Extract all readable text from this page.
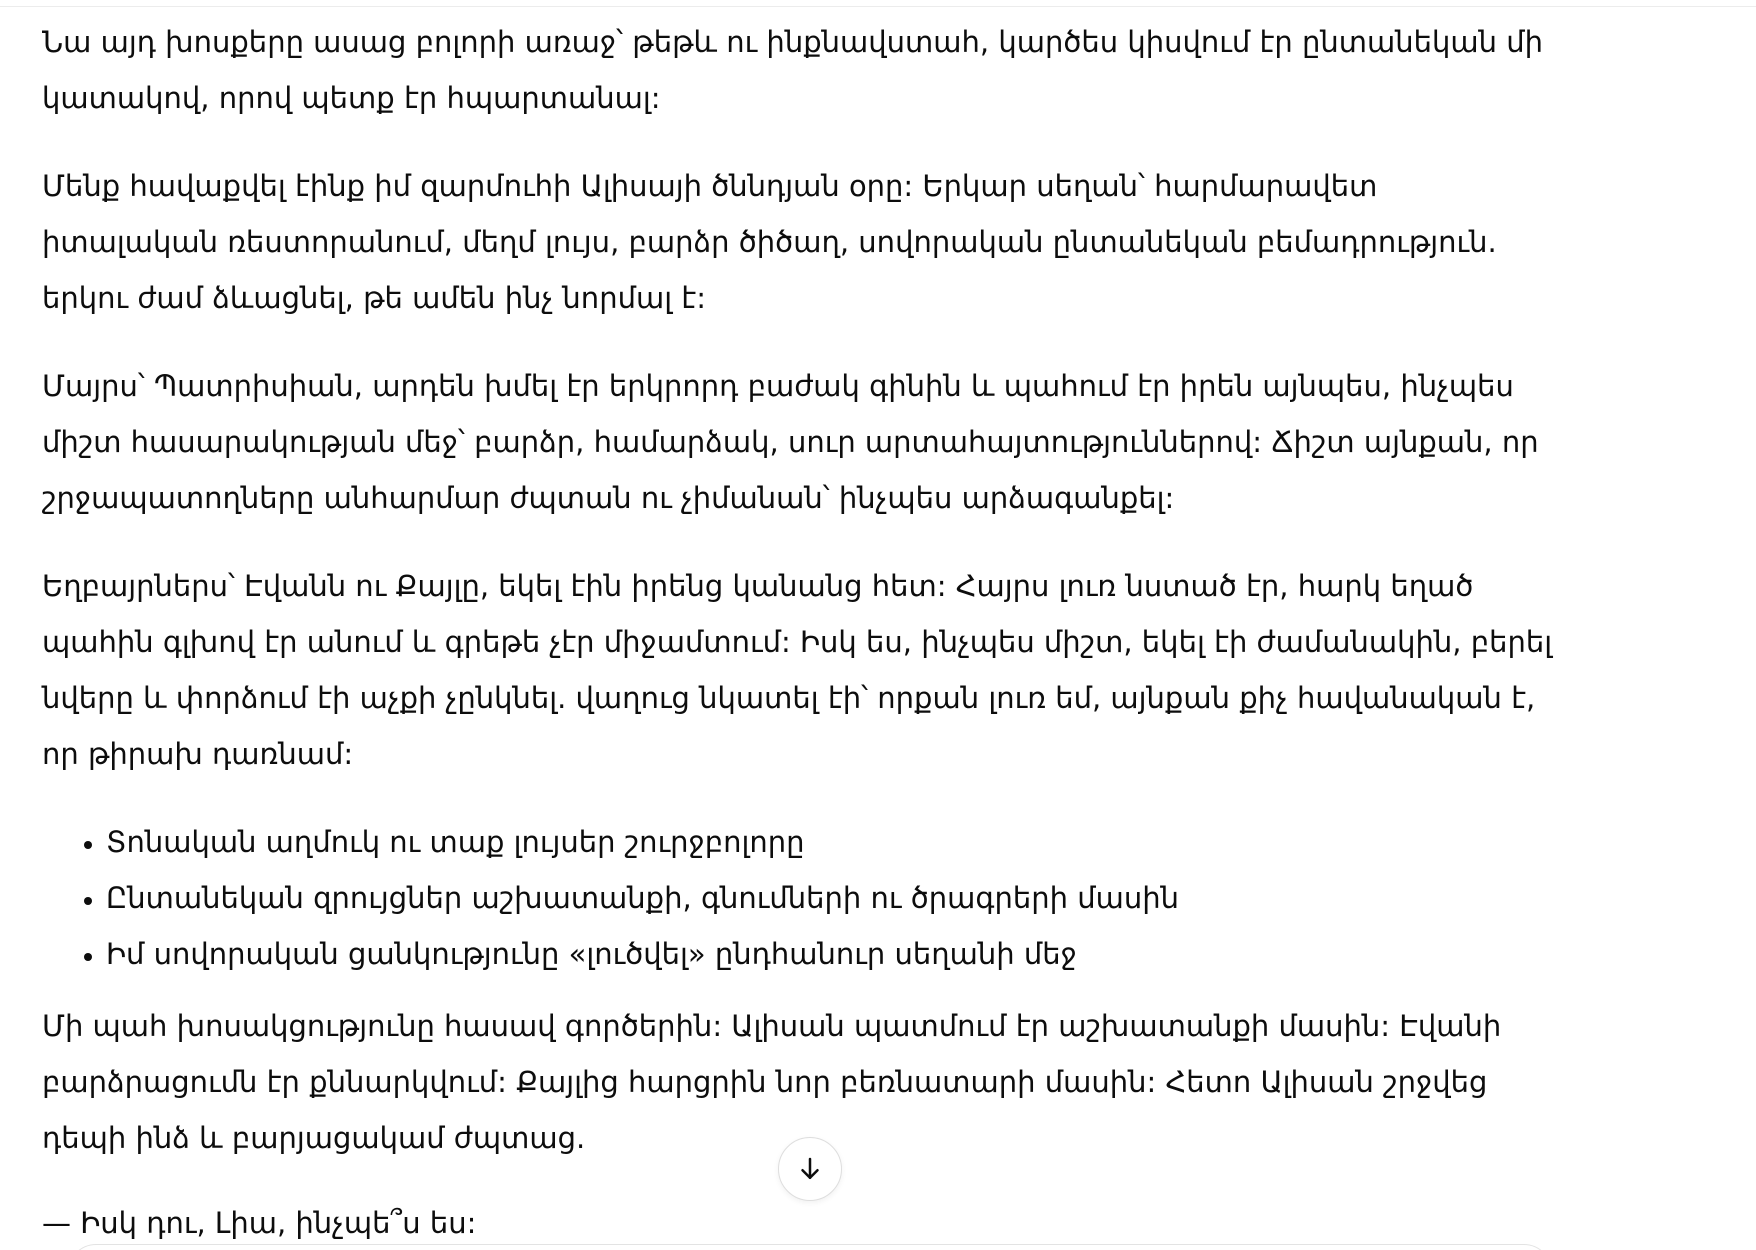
Նա այդ խոսքերը ասաց բոլորի առաջ՝ թեթև ու ինքնավստահ, կարծես կիսվում էր ընտանեկան մի կատակով, որով պետք էր հպարտանալ:

Մենք հավաքվել էինք իմ զարմուհի Ալիսայի ծննդյան օրը: Երկար սեղան՝ հարմարավետ իտալական ռեստորանում, մեղմ լույս, բարձր ծիծաղ, սովորական ընտանեկան բեմադրություն. երկու ժամ ձևացնել, թե ամեն ինչ նորմալ է:

Մայրս՝ Պատրիսիան, արդեն խմել էր երկրորդ բաժակ գինին և պահում էր իրեն այնպես, ինչպես միշտ հասարակության մեջ՝ բարձր, համարձակ, սուր արտահայտություններով: Ճիշտ այնքան, որ շրջապատողները անհարմար ժպտան ու չիմանան՝ ինչպես արձագանքել:

Եղբայրներս՝ Էվանն ու Քայլը, եկել էին իրենց կանանց հետ: Հայրս լուռ նստած էր, հարկ եղած պահին գլխով էր անում և գրեթե չէր միջամտում: Իսկ ես, ինչպես միշտ, եկել էի ժամանակին, բերել նվերը և փորձում էի աչքի չընկնել. վաղուց նկատել էի՝ որքան լուռ եմ, այնքան քիչ հավանական է, որ թիրախ դառնամ:

• Տոնական աղմուկ ու տաք լույսեր շուրջբոլորը
• Ընտանեկան զրույցներ աշխատանքի, գնումների ու ծրագրերի մասին
• Իմ սովորական ցանկությունը «լուծվել» ընդհանուր սեղանի մեջ

Մի պահ խոսակցությունը հասավ գործերին: Ալիսան պատմում էր աշխատանքի մասին: Էվանի բարձրացումն էր քննարկվում: Քայլից հարցրին նոր բեռնատարի մասին: Հետո Ալիսան շրջվեց դեպի ինձ և բարյացակամ ժպտաց.

— Իսկ դու, Լիա, ինչպե՞ս ես:
